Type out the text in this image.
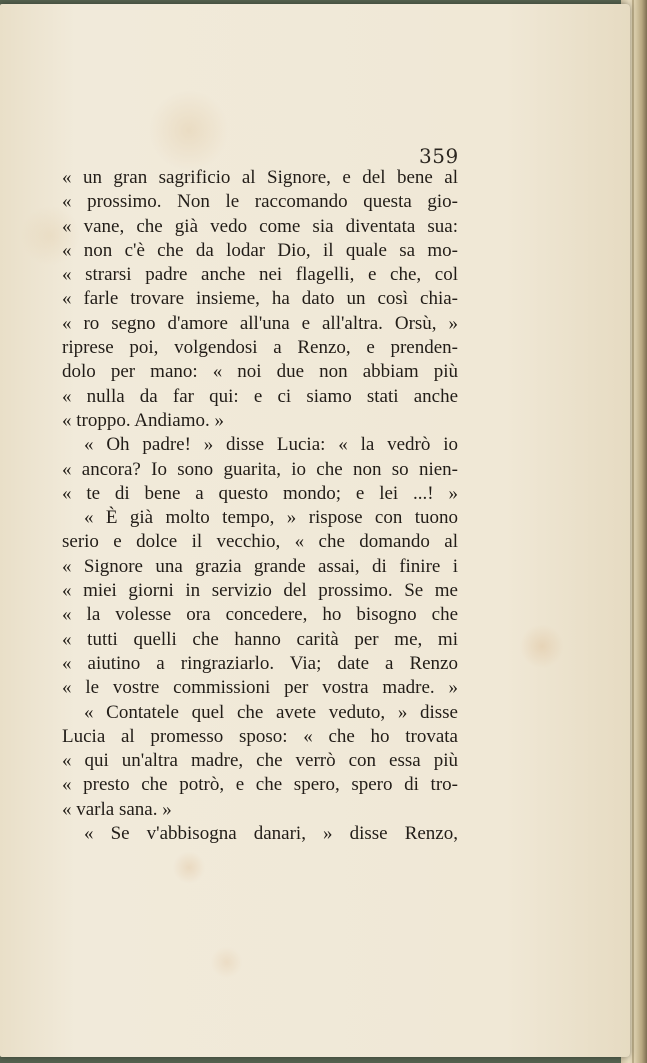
359
« un gran sagrificio al Signore, e del bene al
« prossimo. Non le raccomando questa gio-
« vane, che già vedo come sia diventata sua:
« non c'è che da lodar Dio, il quale sa mo-
« strarsi padre anche nei flagelli, e che, col
« farle trovare insieme, ha dato un così chia-
« ro segno d'amore all'una e all'altra. Orsù, »
riprese poi, volgendosi a Renzo, e prenden-
dolo per mano: « noi due non abbiam più
« nulla da far qui: e ci siamo stati anche
« troppo. Andiamo. »
« Oh padre! » disse Lucia: « la vedrò io
« ancora? Io sono guarita, io che non so nien-
« te di bene a questo mondo; e lei ...! »
« È già molto tempo, » rispose con tuono
serio e dolce il vecchio, « che domando al
« Signore una grazia grande assai, di finire i
« miei giorni in servizio del prossimo. Se me
« la volesse ora concedere, ho bisogno che
« tutti quelli che hanno carità per me, mi
« aiutino a ringraziarlo. Via; date a Renzo
« le vostre commissioni per vostra madre. »
« Contatele quel che avete veduto, » disse
Lucia al promesso sposo: « che ho trovata
« qui un'altra madre, che verrò con essa più
« presto che potrò, e che spero, spero di tro-
« varla sana. »
« Se v'abbisogna danari, » disse Renzo,
